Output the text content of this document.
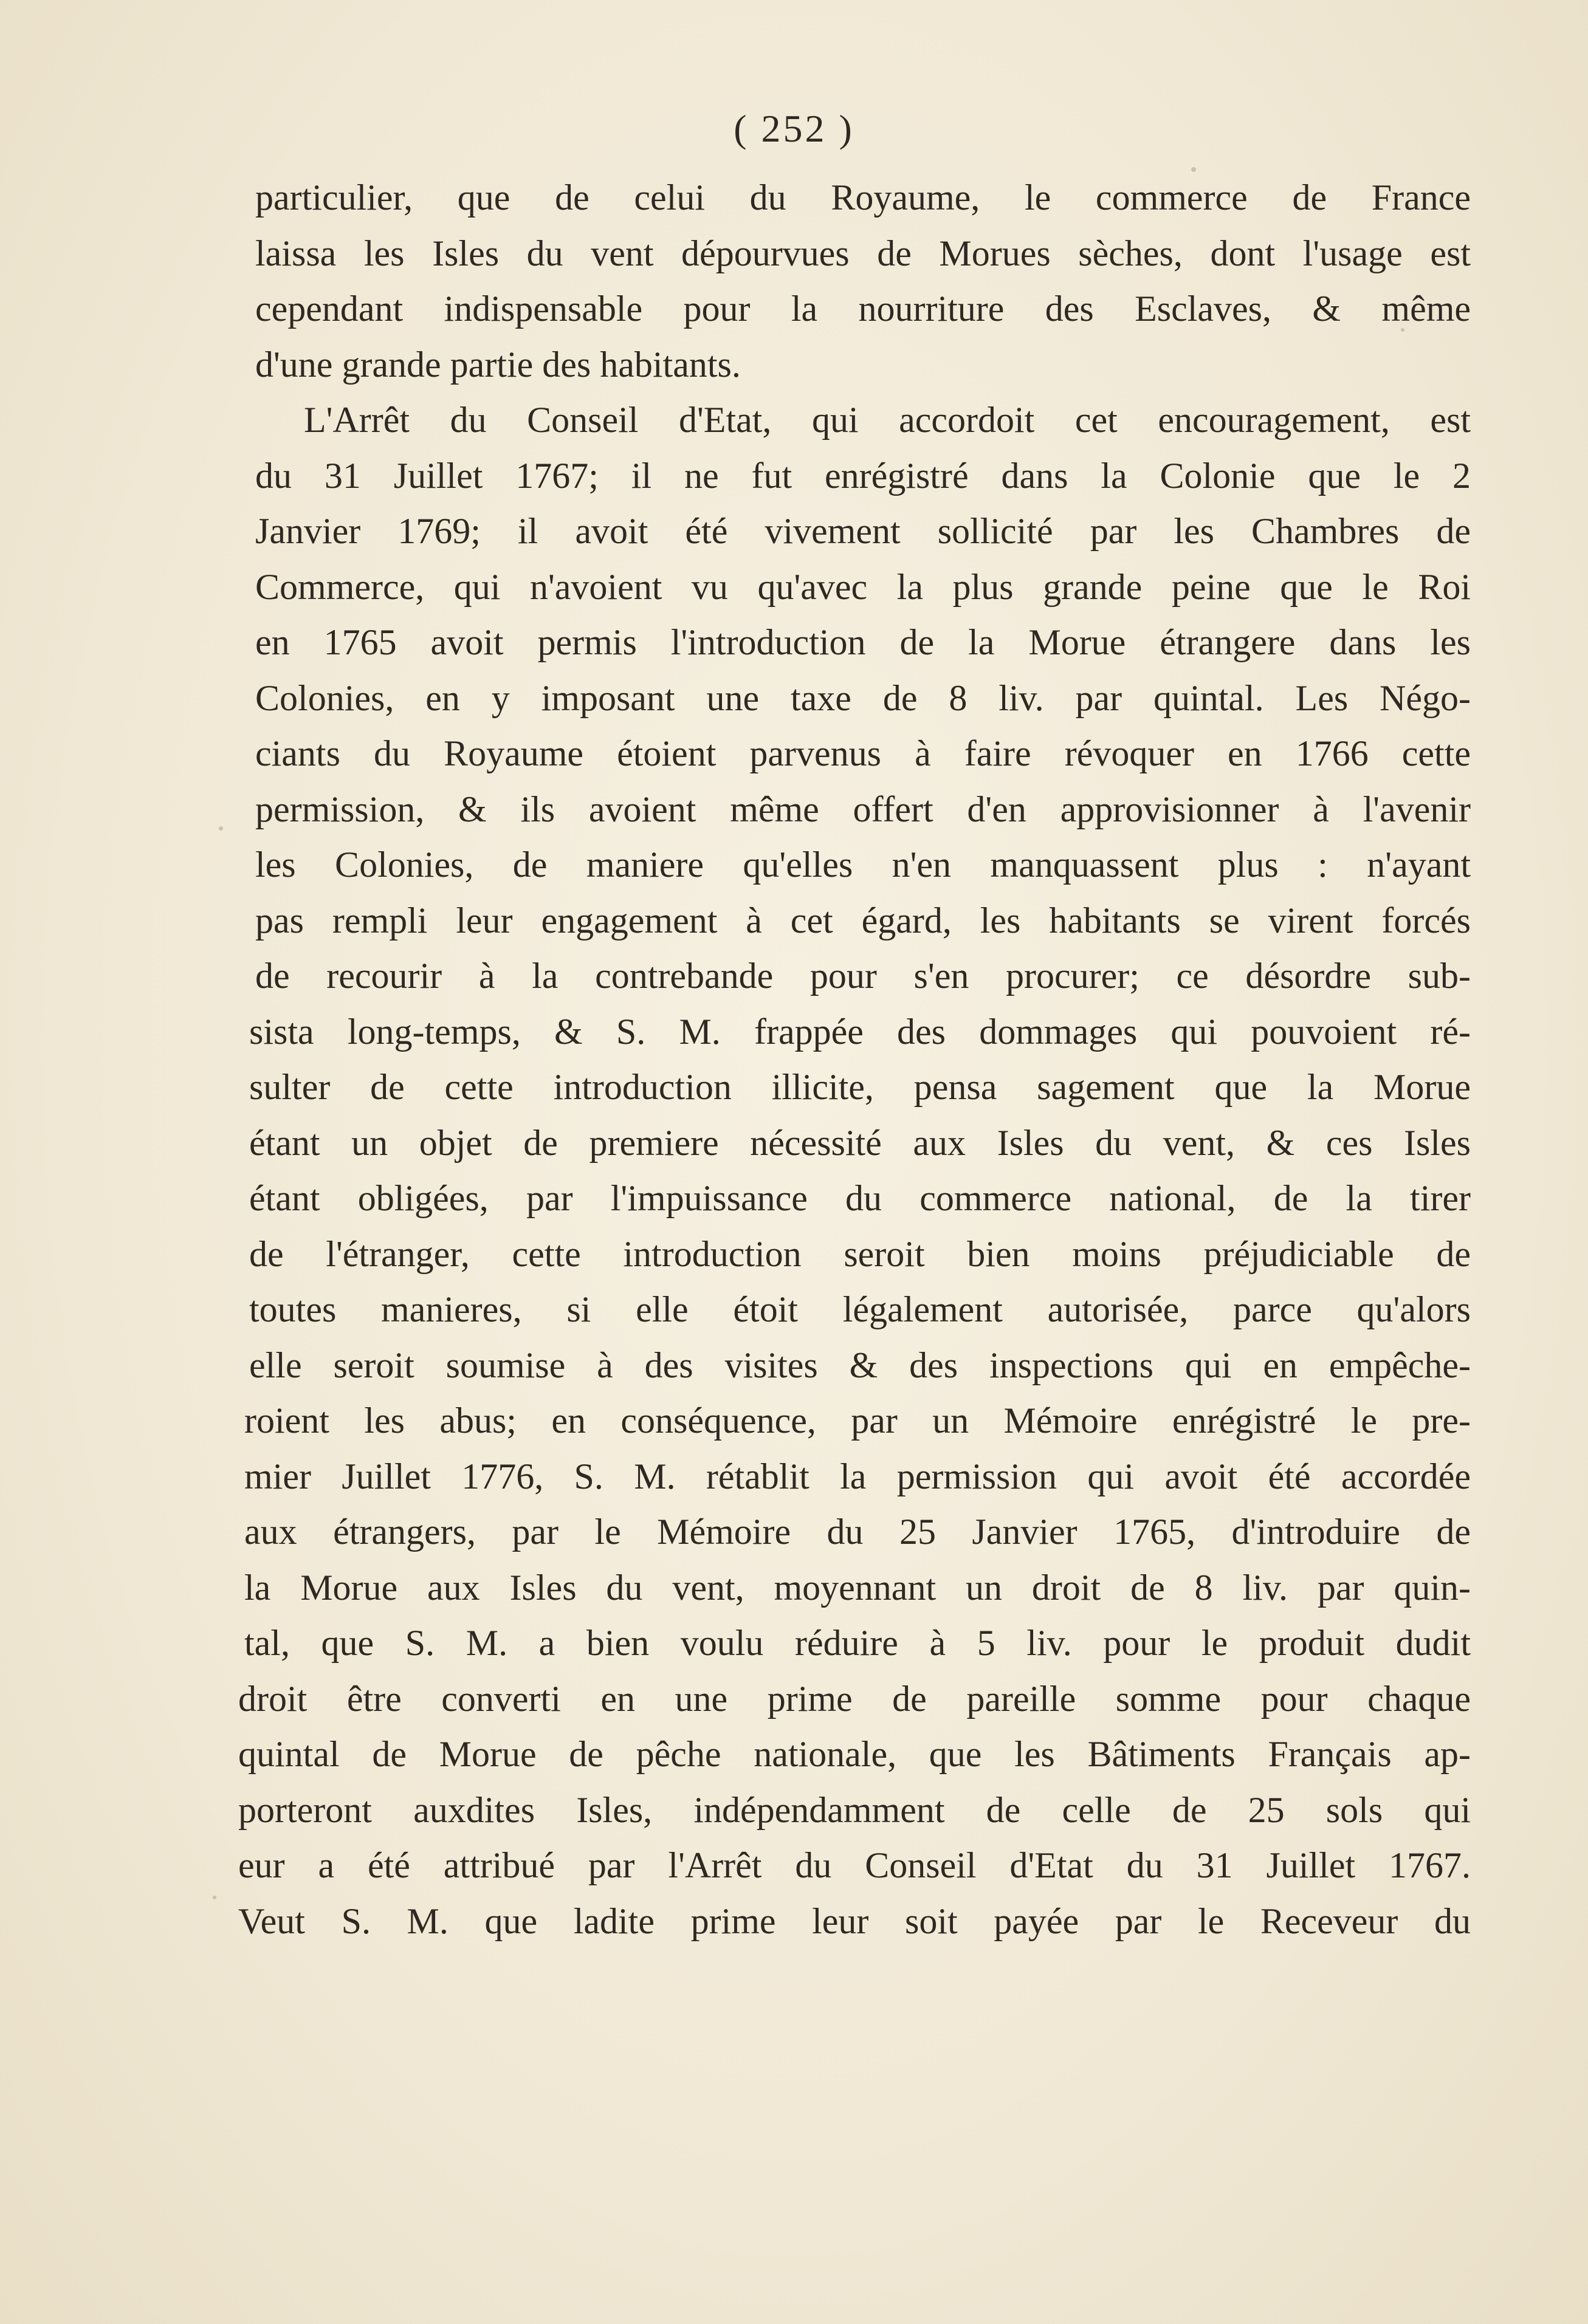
( 252 )
particulier, que de celui du Royaume, le commerce de France
laissa les Isles du vent dépourvues de Morues sèches, dont l'usage est
cependant indispensable pour la nourriture des Esclaves, & même
d'une grande partie des habitants.
L'Arrêt du Conseil d'Etat, qui accordoit cet encouragement, est
du 31 Juillet 1767; il ne fut enrégistré dans la Colonie que le 2
Janvier 1769; il avoit été vivement sollicité par les Chambres de
Commerce, qui n'avoient vu qu'avec la plus grande peine que le Roi
en 1765 avoit permis l'introduction de la Morue étrangere dans les
Colonies, en y imposant une taxe de 8 liv. par quintal. Les Négo-
ciants du Royaume étoient parvenus à faire révoquer en 1766 cette
permission, & ils avoient même offert d'en approvisionner à l'avenir
les Colonies, de maniere qu'elles n'en manquassent plus : n'ayant
pas rempli leur engagement à cet égard, les habitants se virent forcés
de recourir à la contrebande pour s'en procurer; ce désordre sub-
sista long-temps, & S. M. frappée des dommages qui pouvoient ré-
sulter de cette introduction illicite, pensa sagement que la Morue
étant un objet de premiere nécessité aux Isles du vent, & ces Isles
étant obligées, par l'impuissance du commerce national, de la tirer
de l'étranger, cette introduction seroit bien moins préjudiciable de
toutes manieres, si elle étoit légalement autorisée, parce qu'alors
elle seroit soumise à des visites & des inspections qui en empêche-
roient les abus; en conséquence, par un Mémoire enrégistré le pre-
mier Juillet 1776, S. M. rétablit la permission qui avoit été accordée
aux étrangers, par le Mémoire du 25 Janvier 1765, d'introduire de
la Morue aux Isles du vent, moyennant un droit de 8 liv. par quin-
tal, que S. M. a bien voulu réduire à 5 liv. pour le produit dudit
droit être converti en une prime de pareille somme pour chaque
quintal de Morue de pêche nationale, que les Bâtiments Français ap-
porteront auxdites Isles, indépendamment de celle de 25 sols qui
eur a été attribué par l'Arrêt du Conseil d'Etat du 31 Juillet 1767.
Veut S. M. que ladite prime leur soit payée par le Receveur du
